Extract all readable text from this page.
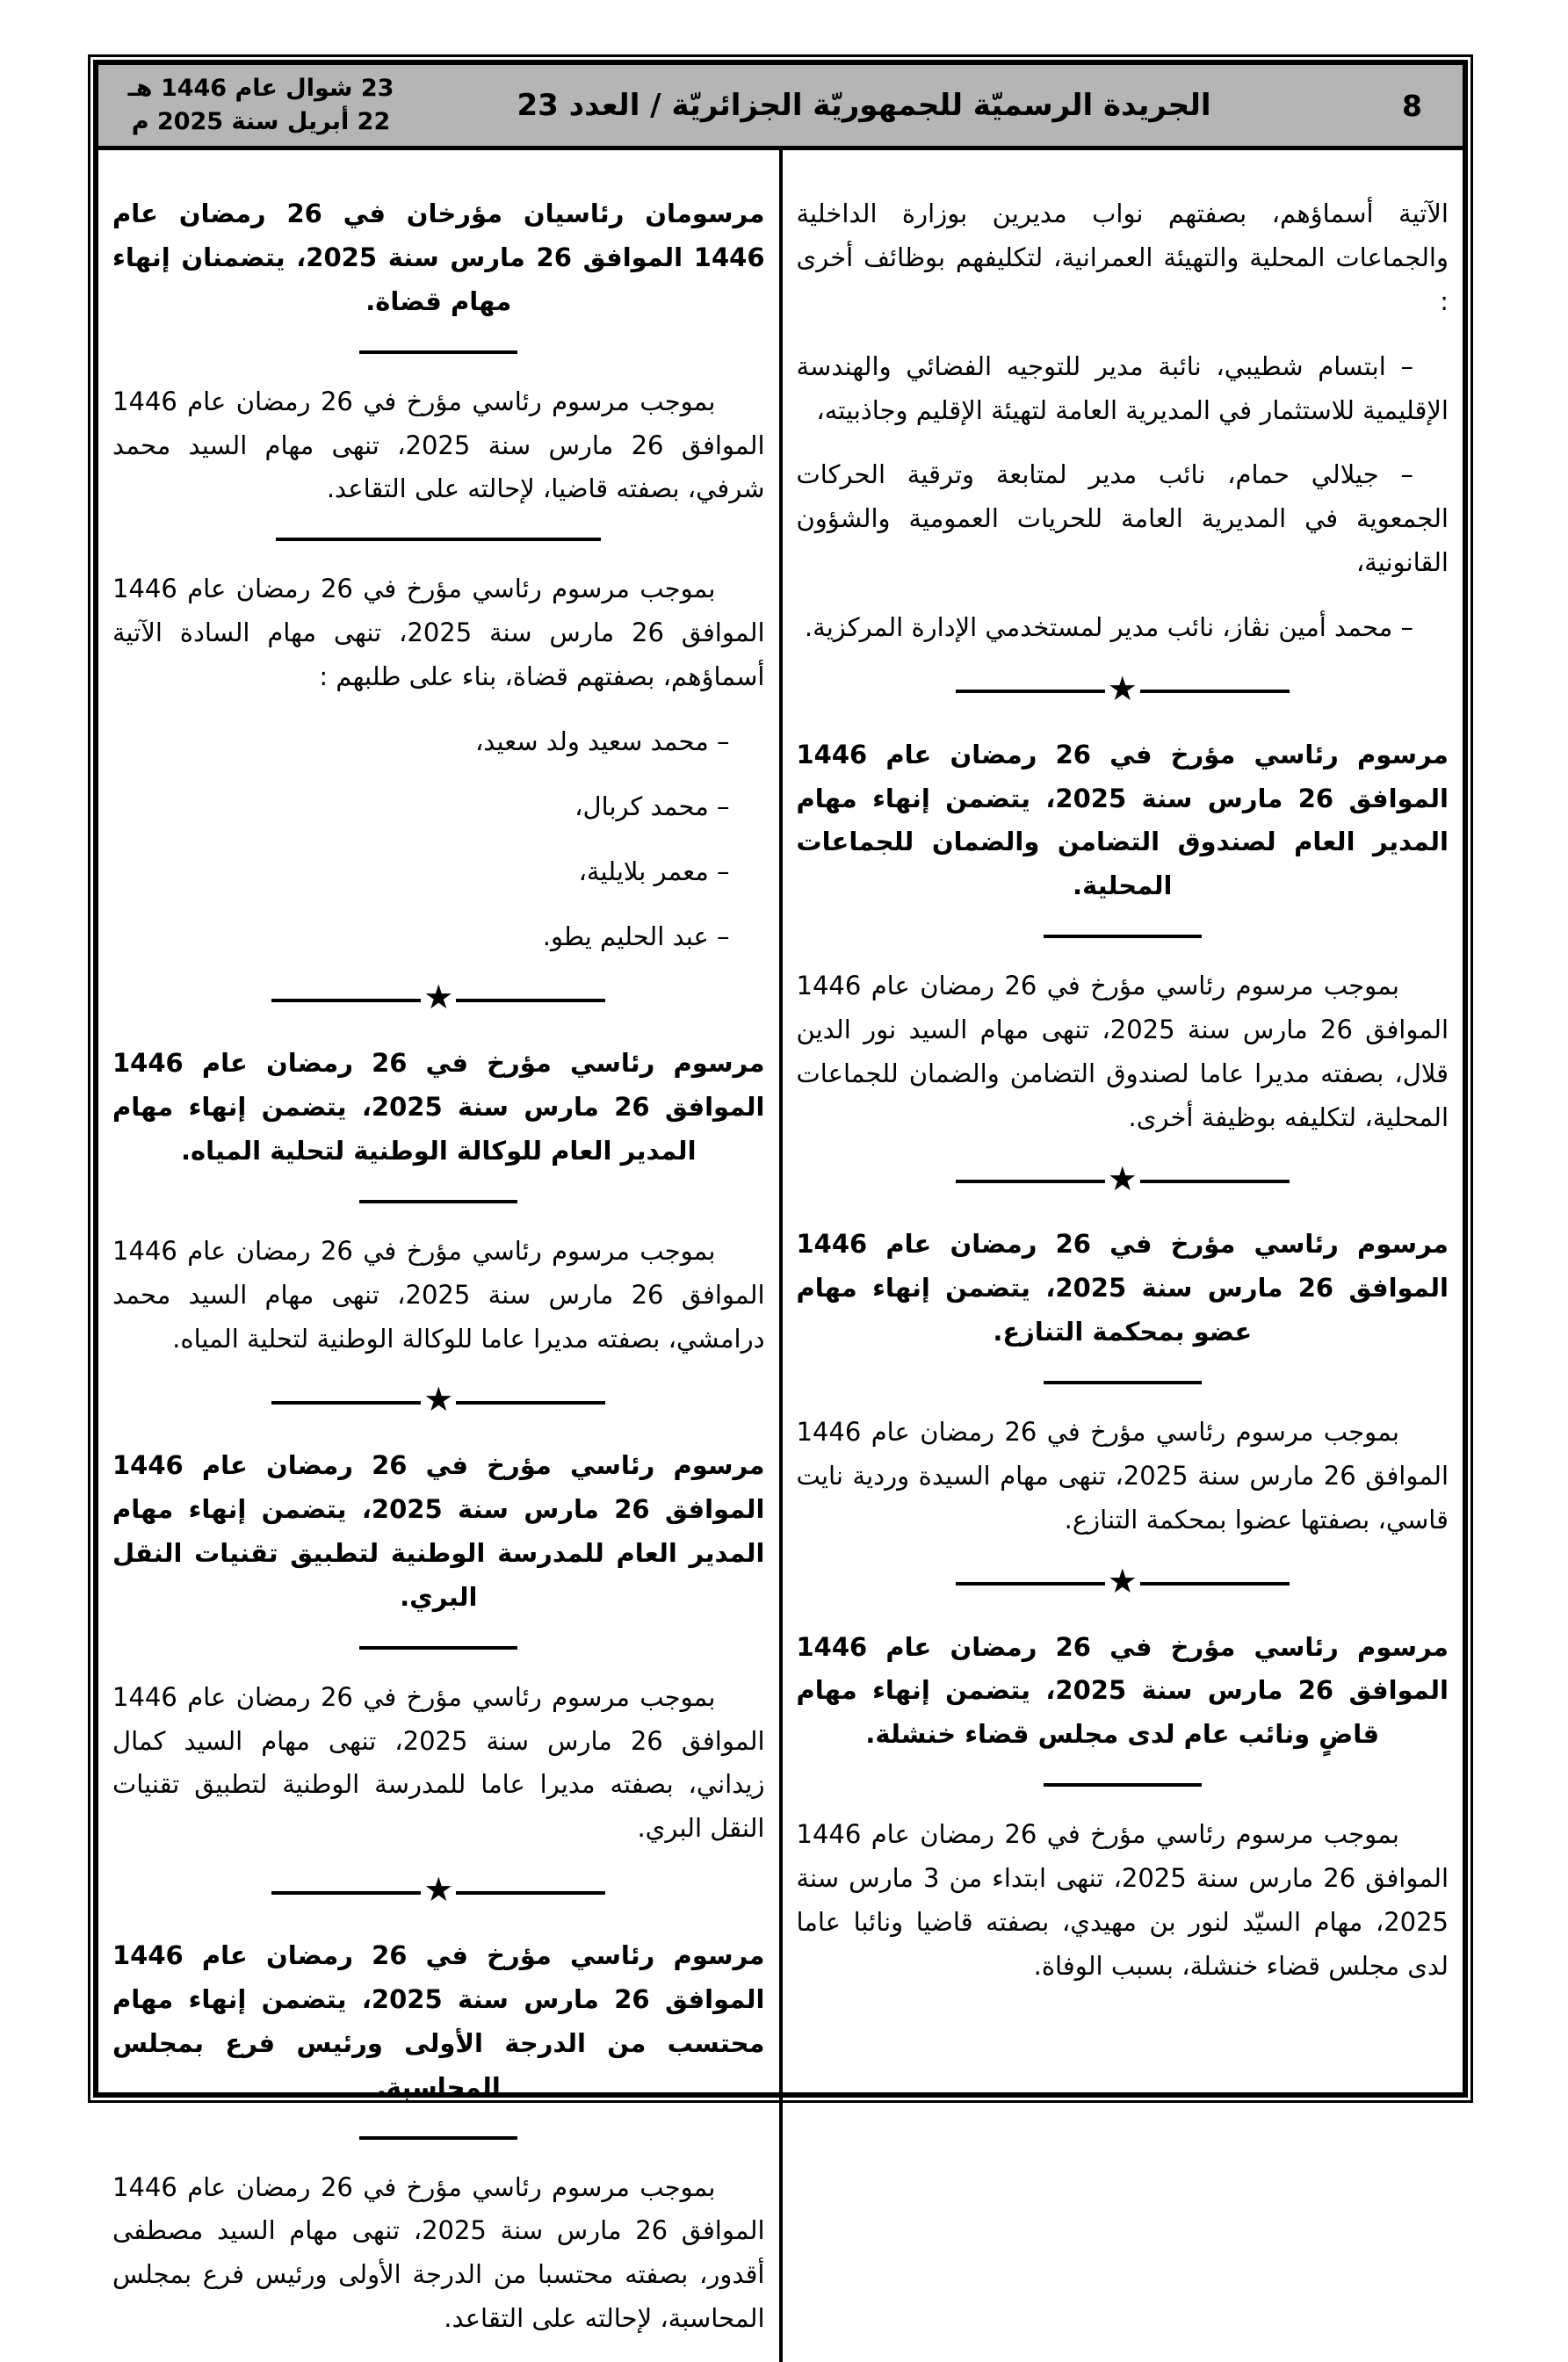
8
الجريدة الرسميّة للجمهوريّة الجزائريّة / العدد 23
23 شوال عام 1446 هـ
22 أبريل سنة 2025 م
الآتية أسماؤهم، بصفتهم نواب مديرين بوزارة الداخلية والجماعات المحلية والتهيئة العمرانية، لتكليفهم بوظائف أخرى :
– ابتسام شطيبي، نائبة مدير للتوجيه الفضائي والهندسة الإقليمية للاستثمار في المديرية العامة لتهيئة الإقليم وجاذبيته،
– جيلالي حمام، نائب مدير لمتابعة وترقية الحركات الجمعوية في المديرية العامة للحريات العمومية والشؤون القانونية،
– محمد أمين نڤاز، نائب مدير لمستخدمي الإدارة المركزية.
★
مرسوم رئاسي مؤرخ في 26 رمضان عام 1446 الموافق 26 مارس سنة 2025، يتضمن إنهاء مهام المدير العام لصندوق التضامن والضمان للجماعات المحلية.
بموجب مرسوم رئاسي مؤرخ في 26 رمضان عام 1446 الموافق 26 مارس سنة 2025، تنهى مهام السيد نور الدين قلال، بصفته مديرا عاما لصندوق التضامن والضمان للجماعات المحلية، لتكليفه بوظيفة أخرى.
★
مرسوم رئاسي مؤرخ في 26 رمضان عام 1446 الموافق 26 مارس سنة 2025، يتضمن إنهاء مهام عضو بمحكمة التنازع.
بموجب مرسوم رئاسي مؤرخ في 26 رمضان عام 1446 الموافق 26 مارس سنة 2025، تنهى مهام السيدة وردية نايت قاسي، بصفتها عضوا بمحكمة التنازع.
★
مرسوم رئاسي مؤرخ في 26 رمضان عام 1446 الموافق 26 مارس سنة 2025، يتضمن إنهاء مهام قاضٍ ونائب عام لدى مجلس قضاء خنشلة.
بموجب مرسوم رئاسي مؤرخ في 26 رمضان عام 1446 الموافق 26 مارس سنة 2025، تنهى ابتداء من 3 مارس سنة 2025، مهام السيّد لنور بن مهيدي، بصفته قاضيا ونائبا عاما لدى مجلس قضاء خنشلة، بسبب الوفاة.
مرسومان رئاسيان مؤرخان في 26 رمضان عام 1446 الموافق 26 مارس سنة 2025، يتضمنان إنهاء مهام قضاة.
بموجب مرسوم رئاسي مؤرخ في 26 رمضان عام 1446 الموافق 26 مارس سنة 2025، تنهى مهام السيد محمد شرفي، بصفته قاضيا، لإحالته على التقاعد.
بموجب مرسوم رئاسي مؤرخ في 26 رمضان عام 1446 الموافق 26 مارس سنة 2025، تنهى مهام السادة الآتية أسماؤهم، بصفتهم قضاة، بناء على طلبهم :
– محمد سعيد ولد سعيد،
– محمد كربال،
– معمر بلايلية،
– عبد الحليم يطو.
★
مرسوم رئاسي مؤرخ في 26 رمضان عام 1446 الموافق 26 مارس سنة 2025، يتضمن إنهاء مهام المدير العام للوكالة الوطنية لتحلية المياه.
بموجب مرسوم رئاسي مؤرخ في 26 رمضان عام 1446 الموافق 26 مارس سنة 2025، تنهى مهام السيد محمد درامشي، بصفته مديرا عاما للوكالة الوطنية لتحلية المياه.
★
مرسوم رئاسي مؤرخ في 26 رمضان عام 1446 الموافق 26 مارس سنة 2025، يتضمن إنهاء مهام المدير العام للمدرسة الوطنية لتطبيق تقنيات النقل البري.
بموجب مرسوم رئاسي مؤرخ في 26 رمضان عام 1446 الموافق 26 مارس سنة 2025، تنهى مهام السيد كمال زيداني، بصفته مديرا عاما للمدرسة الوطنية لتطبيق تقنيات النقل البري.
★
مرسوم رئاسي مؤرخ في 26 رمضان عام 1446 الموافق 26 مارس سنة 2025، يتضمن إنهاء مهام محتسب من الدرجة الأولى ورئيس فرع بمجلس المحاسبة.
بموجب مرسوم رئاسي مؤرخ في 26 رمضان عام 1446 الموافق 26 مارس سنة 2025، تنهى مهام السيد مصطفى أقدور، بصفته محتسبا من الدرجة الأولى ورئيس فرع بمجلس المحاسبة، لإحالته على التقاعد.
